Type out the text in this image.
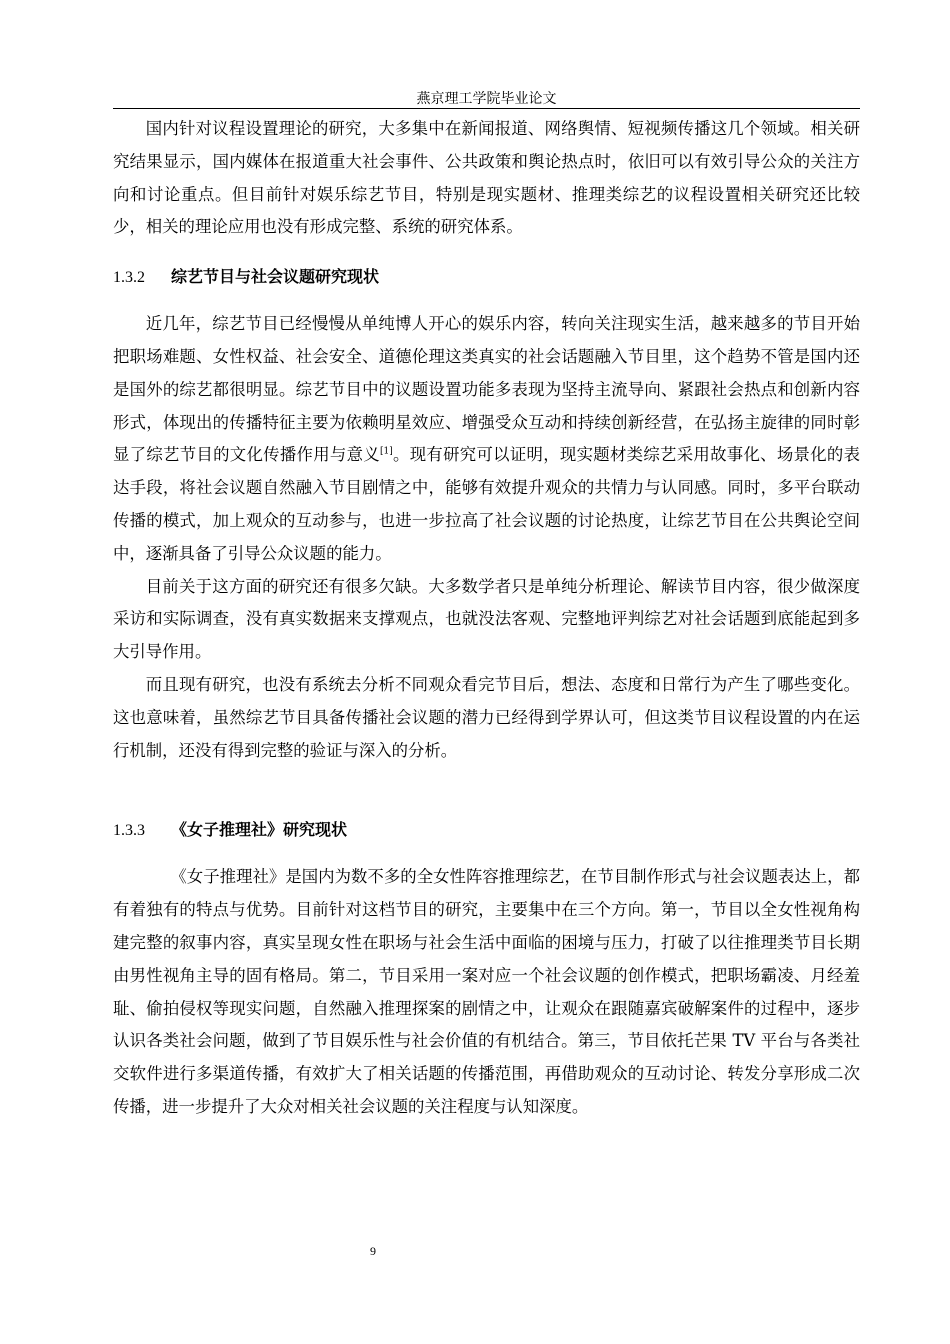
燕京理工学院毕业论文

国内针对议程设置理论的研究，大多集中在新闻报道、网络舆情、短视频传播这几个领域。相关研究结果显示，国内媒体在报道重大社会事件、公共政策和舆论热点时，依旧可以有效引导公众的关注方向和讨论重点。但目前针对娱乐综艺节目，特别是现实题材、推理类综艺的议程设置相关研究还比较少，相关的理论应用也没有形成完整、系统的研究体系。

1.3.2 综艺节目与社会议题研究现状

近几年，综艺节目已经慢慢从单纯博人开心的娱乐内容，转向关注现实生活，越来越多的节目开始把职场难题、女性权益、社会安全、道德伦理这类真实的社会话题融入节目里，这个趋势不管是国内还是国外的综艺都很明显。综艺节目中的议题设置功能多表现为坚持主流导向、紧跟社会热点和创新内容形式，体现出的传播特征主要为依赖明星效应、增强受众互动和持续创新经营，在弘扬主旋律的同时彰显了综艺节目的文化传播作用与意义[1]。现有研究可以证明，现实题材类综艺采用故事化、场景化的表达手段，将社会议题自然融入节目剧情之中，能够有效提升观众的共情力与认同感。同时，多平台联动传播的模式，加上观众的互动参与，也进一步拉高了社会议题的讨论热度，让综艺节目在公共舆论空间中，逐渐具备了引导公众议题的能力。

目前关于这方面的研究还有很多欠缺。大多数学者只是单纯分析理论、解读节目内容，很少做深度采访和实际调查，没有真实数据来支撑观点，也就没法客观、完整地评判综艺对社会话题到底能起到多大引导作用。

而且现有研究，也没有系统去分析不同观众看完节目后，想法、态度和日常行为产生了哪些变化。这也意味着，虽然综艺节目具备传播社会议题的潜力已经得到学界认可，但这类节目议程设置的内在运行机制，还没有得到完整的验证与深入的分析。

1.3.3 《女子推理社》研究现状

《女子推理社》是国内为数不多的全女性阵容推理综艺，在节目制作形式与社会议题表达上，都有着独有的特点与优势。目前针对这档节目的研究，主要集中在三个方向。第一，节目以全女性视角构建完整的叙事内容，真实呈现女性在职场与社会生活中面临的困境与压力，打破了以往推理类节目长期由男性视角主导的固有格局。第二，节目采用一案对应一个社会议题的创作模式，把职场霸凌、月经羞耻、偷拍侵权等现实问题，自然融入推理探案的剧情之中，让观众在跟随嘉宾破解案件的过程中，逐步认识各类社会问题，做到了节目娱乐性与社会价值的有机结合。第三，节目依托芒果 TV 平台与各类社交软件进行多渠道传播，有效扩大了相关话题的传播范围，再借助观众的互动讨论、转发分享形成二次传播，进一步提升了大众对相关社会议题的关注程度与认知深度。

9
